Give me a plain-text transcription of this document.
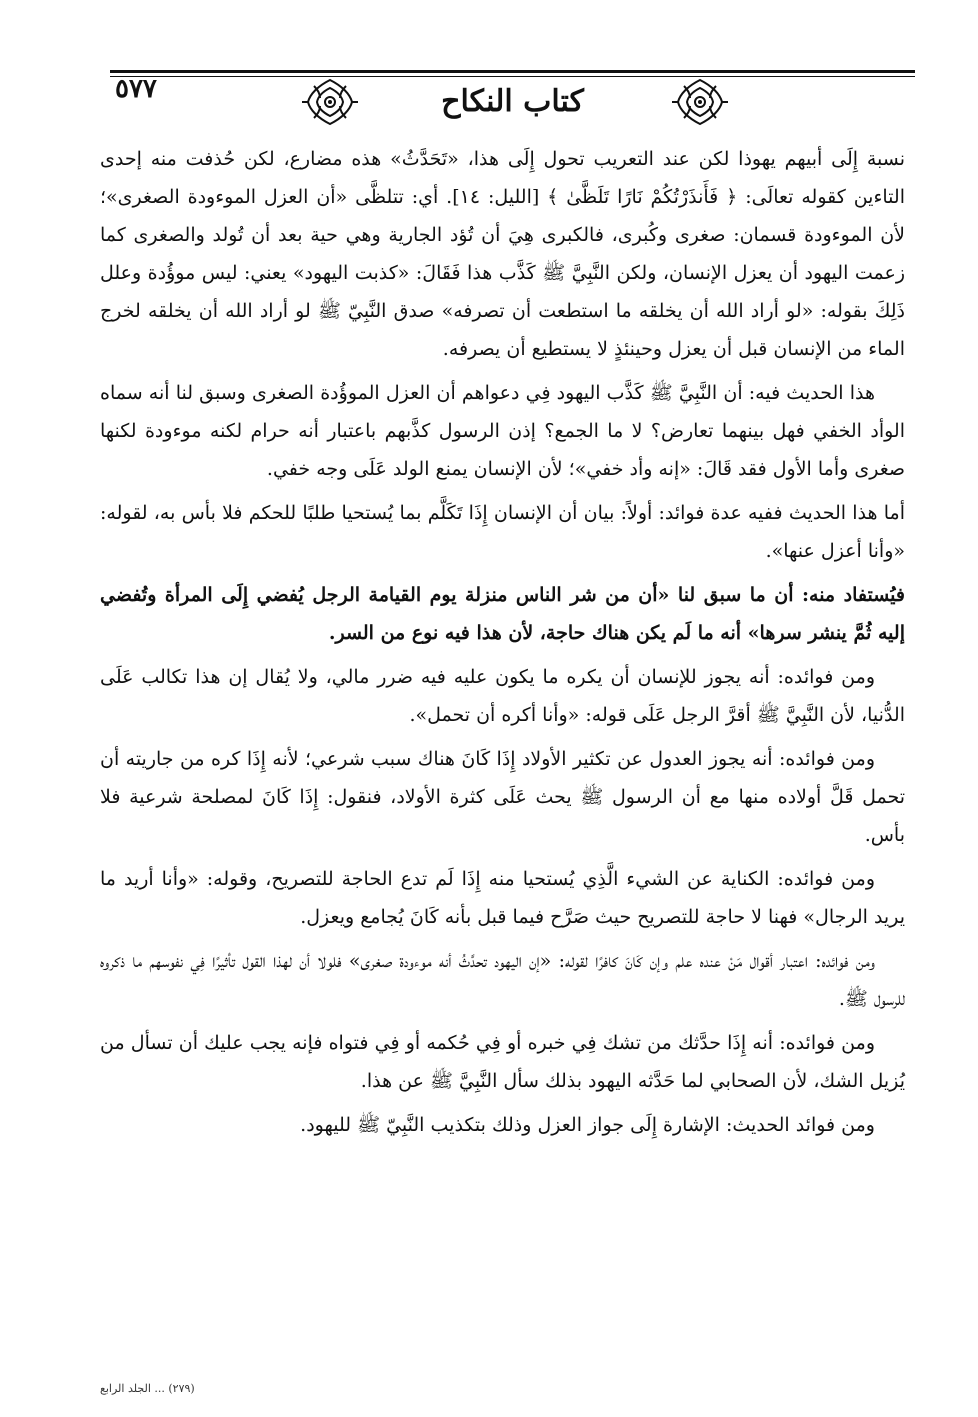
٥٧٧	كتاب النكاح

نسبة إِلَى أبيهم يهوذا لكن عند التعريب تحول إِلَى هذا، «تَحَدَّثُ» هذه مضارع، لكن حُذفت منه إحدى التاءين كقوله تعالَى: ﴿ فَأَنذَرْتُكُمْ نَارًا تَلَظَّىٰ ﴾ [الليل: ١٤]. أي: تتلظَّى «أن العزل الموءودة الصغرى»؛ لأن الموءودة قسمان: صغرى وكُبرى، فالكبرى هِيَ أن تُؤد الجارية وهي حية بعد أن تُولد والصغرى كما زعمت اليهود أن يعزل الإنسان، ولكن النَّبِيَّ ﷺ كَذَّب هذا فَقَالَ: «كذبت اليهود» يعني: ليس موؤُدة وعلل ذَلِكَ بقوله: «لو أراد الله أن يخلقه ما استطعت أن تصرفه» صدق النَّبِيّ ﷺ لو أراد الله أن يخلقه لخرج الماء من الإنسان قبل أن يعزل وحينئذٍ لا يستطيع أن يصرفه.

هذا الحديث فيه: أن النَّبِيَّ ﷺ كَذَّب اليهود فِي دعواهم أن العزل الموؤُدة الصغرى وسبق لنا أنه سماه الوأد الخفي فهل بينهما تعارض؟ لا ما الجمع؟ إذن الرسول كذَّبهم باعتبار أنه حرام لكنه موءودة لكنها صغرى وأما الأول فقد قَالَ: «إنه وأد خفي»؛ لأن الإنسان يمنع الولد عَلَى وجه خفي.

أما هذا الحديث ففيه عدة فوائد: أولاً: بيان أن الإنسان إِذَا تَكَلَّم بما يُستحيا طلبًا للحكم فلا بأس به، لقوله: «وأنا أعزل عنها».

فيُستفاد منه: أن ما سبق لنا «أن من شر الناس منزلة يوم القيامة الرجل يُفضي إِلَى المرأة وتُفضي إليه ثُمَّ ينشر سرها» أنه ما لَم يكن هناك حاجة، لأن هذا فيه نوع من السر.

ومن فوائده: أنه يجوز للإنسان أن يكره ما يكون عليه فيه ضرر مالي، ولا يُقال إن هذا تكالب عَلَى الدُّنيا، لأن النَّبِيَّ ﷺ أقرَّ الرجل عَلَى قوله: «وأنا أكره أن تحمل».

ومن فوائده: أنه يجوز العدول عن تكثير الأولاد إِذَا كَانَ هناك سبب شرعي؛ لأنه إِذَا كره من جاريته أن تحمل قَلَّ أولاده منها مع أن الرسول ﷺ يحث عَلَى كثرة الأولاد، فنقول: إِذَا كَانَ لمصلحة شرعية فلا بأس.

ومن فوائده: الكناية عن الشيء الَّذِي يُستحيا منه إِذَا لَم تدع الحاجة للتصريح، وقوله: «وأنا أريد ما يريد الرجال» فهنا لا حاجة للتصريح حيث صَرَّح فيما قبل بأنه كَانَ يُجامع ويعزل.

ومن فوائده: اعتبار أقوال مَنْ عنده علم وإن كَانَ كافرًا لقوله: «إن اليهود تحدَّثُ أنه موءودة صغرى» فلولا أن لهذا القول تأثيرًا فِي نفوسهم ما ذكروه للرسول ﷺ.

ومن فوائده: أنه إِذَا حدَّثك من تشك فِي خبره أو فِي حُكمه أو فِي فتواه فإنه يجب عليك أن تسأل من يُزيل الشك، لأن الصحابي لما حَدَّثه اليهود بذلك سأل النَّبِيَّ ﷺ عن هذا.

ومن فوائد الحديث: الإشارة إِلَى جواز العزل وذلك بتكذيب النَّبِيّ ﷺ لليهود.

(٢٧٩) ... الجلد الرابع
